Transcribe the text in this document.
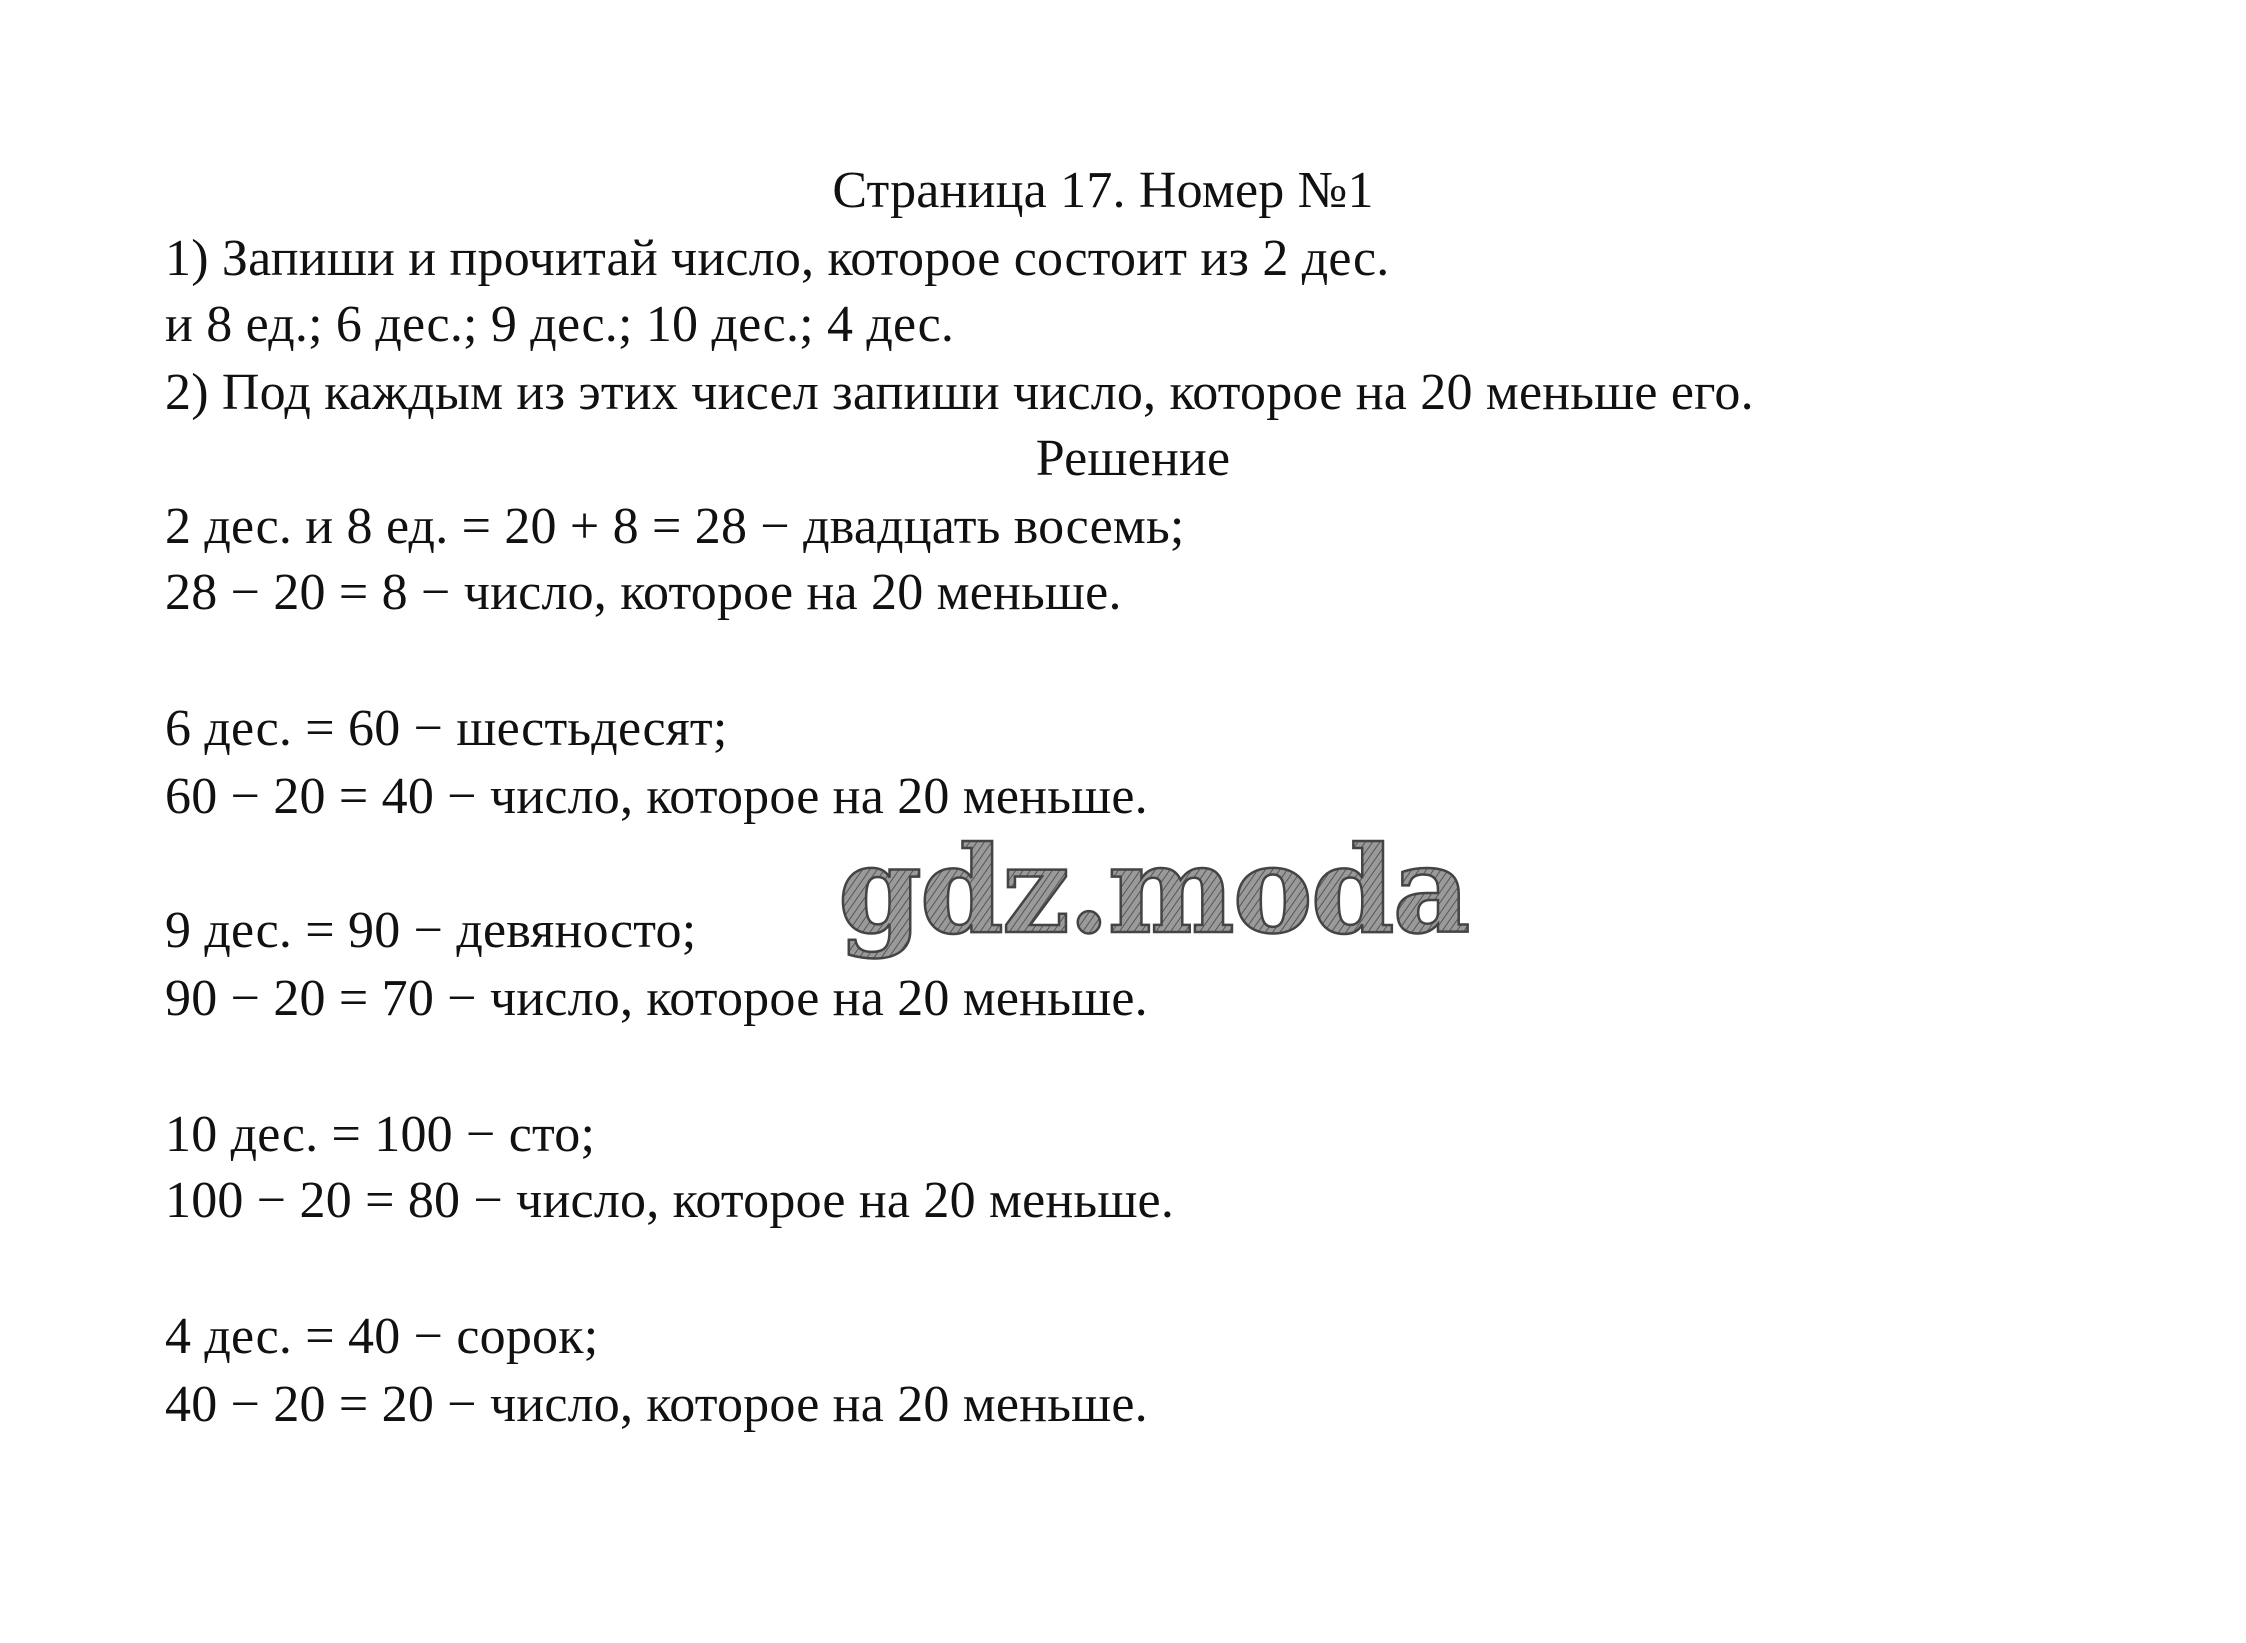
Страница 17. Номер №1
1) Запиши и прочитай число, которое состоит из 2 дес.
и 8 ед.; 6 дес.; 9 дес.; 10 дес.; 4 дес.
2) Под каждым из этих чисел запиши число, которое на 20 меньше его.
Решение
2 дес. и 8 ед. = 20 + 8 = 28 − двадцать восемь;
28 − 20 = 8 − число, которое на 20 меньше.
6 дес. = 60 − шестьдесят;
60 − 20 = 40 − число, которое на 20 меньше.
9 дес. = 90 − девяносто;
90 − 20 = 70 − число, которое на 20 меньше.
10 дес. = 100 − сто;
100 − 20 = 80 − число, которое на 20 меньше.
4 дес. = 40 − сорок;
40 − 20 = 20 − число, которое на 20 меньше.
gdz.moda
